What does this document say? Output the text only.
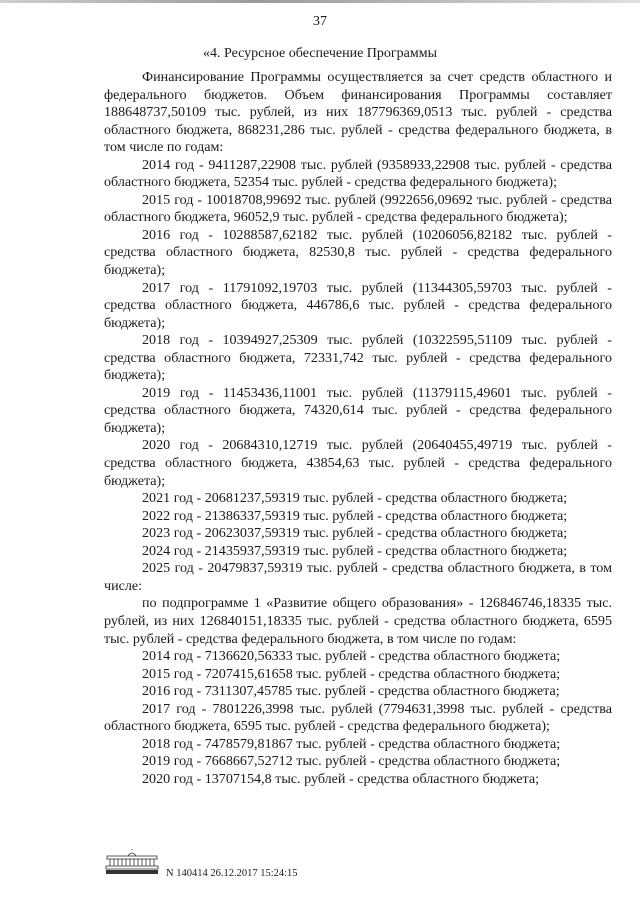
37
«4. Ресурсное обеспечение Программы

Финансирование Программы осуществляется за счет средств областного и федерального бюджетов. Объем финансирования Программы составляет 188648737,50109 тыс. рублей, из них 187796369,0513 тыс. рублей - средства областного бюджета, 868231,286 тыс. рублей - средства федерального бюджета, в том числе по годам:

2014 год - 9411287,22908 тыс. рублей (9358933,22908 тыс. рублей - средства областного бюджета, 52354 тыс. рублей - средства федерального бюджета);

2015 год - 10018708,99692 тыс. рублей (9922656,09692 тыс. рублей - средства областного бюджета, 96052,9 тыс. рублей - средства федерального бюджета);

2016 год - 10288587,62182 тыс. рублей (10206056,82182 тыс. рублей - средства областного бюджета, 82530,8 тыс. рублей - средства федерального бюджета);

2017 год - 11791092,19703 тыс. рублей (11344305,59703 тыс. рублей - средства областного бюджета, 446786,6 тыс. рублей - средства федерального бюджета);

2018 год - 10394927,25309 тыс. рублей (10322595,51109 тыс. рублей - средства областного бюджета, 72331,742 тыс. рублей - средства федерального бюджета);

2019 год - 11453436,11001 тыс. рублей (11379115,49601 тыс. рублей - средства областного бюджета, 74320,614 тыс. рублей - средства федерального бюджета);

2020 год - 20684310,12719 тыс. рублей (20640455,49719 тыс. рублей - средства областного бюджета, 43854,63 тыс. рублей - средства федерального бюджета);

2021 год - 20681237,59319 тыс. рублей - средства областного бюджета;

2022 год - 21386337,59319 тыс. рублей - средства областного бюджета;

2023 год - 20623037,59319 тыс. рублей - средства областного бюджета;

2024 год - 21435937,59319 тыс. рублей - средства областного бюджета;

2025 год - 20479837,59319 тыс. рублей - средства областного бюджета, в том числе:

по подпрограмме 1 «Развитие общего образования» - 126846746,18335 тыс. рублей, из них 126840151,18335 тыс. рублей - средства областного бюджета, 6595 тыс. рублей - средства федерального бюджета, в том числе по годам:

2014 год - 7136620,56333 тыс. рублей - средства областного бюджета;

2015 год - 7207415,61658 тыс. рублей - средства областного бюджета;

2016 год - 7311307,45785 тыс. рублей - средства областного бюджета;

2017 год - 7801226,3998 тыс. рублей (7794631,3998 тыс. рублей - средства областного бюджета, 6595 тыс. рублей - средства федерального бюджета);

2018 год - 7478579,81867 тыс. рублей - средства областного бюджета;

2019 год - 7668667,52712 тыс. рублей - средства областного бюджета;

2020 год - 13707154,8 тыс. рублей - средства областного бюджета;

N 140414 26.12.2017 15:24:15
